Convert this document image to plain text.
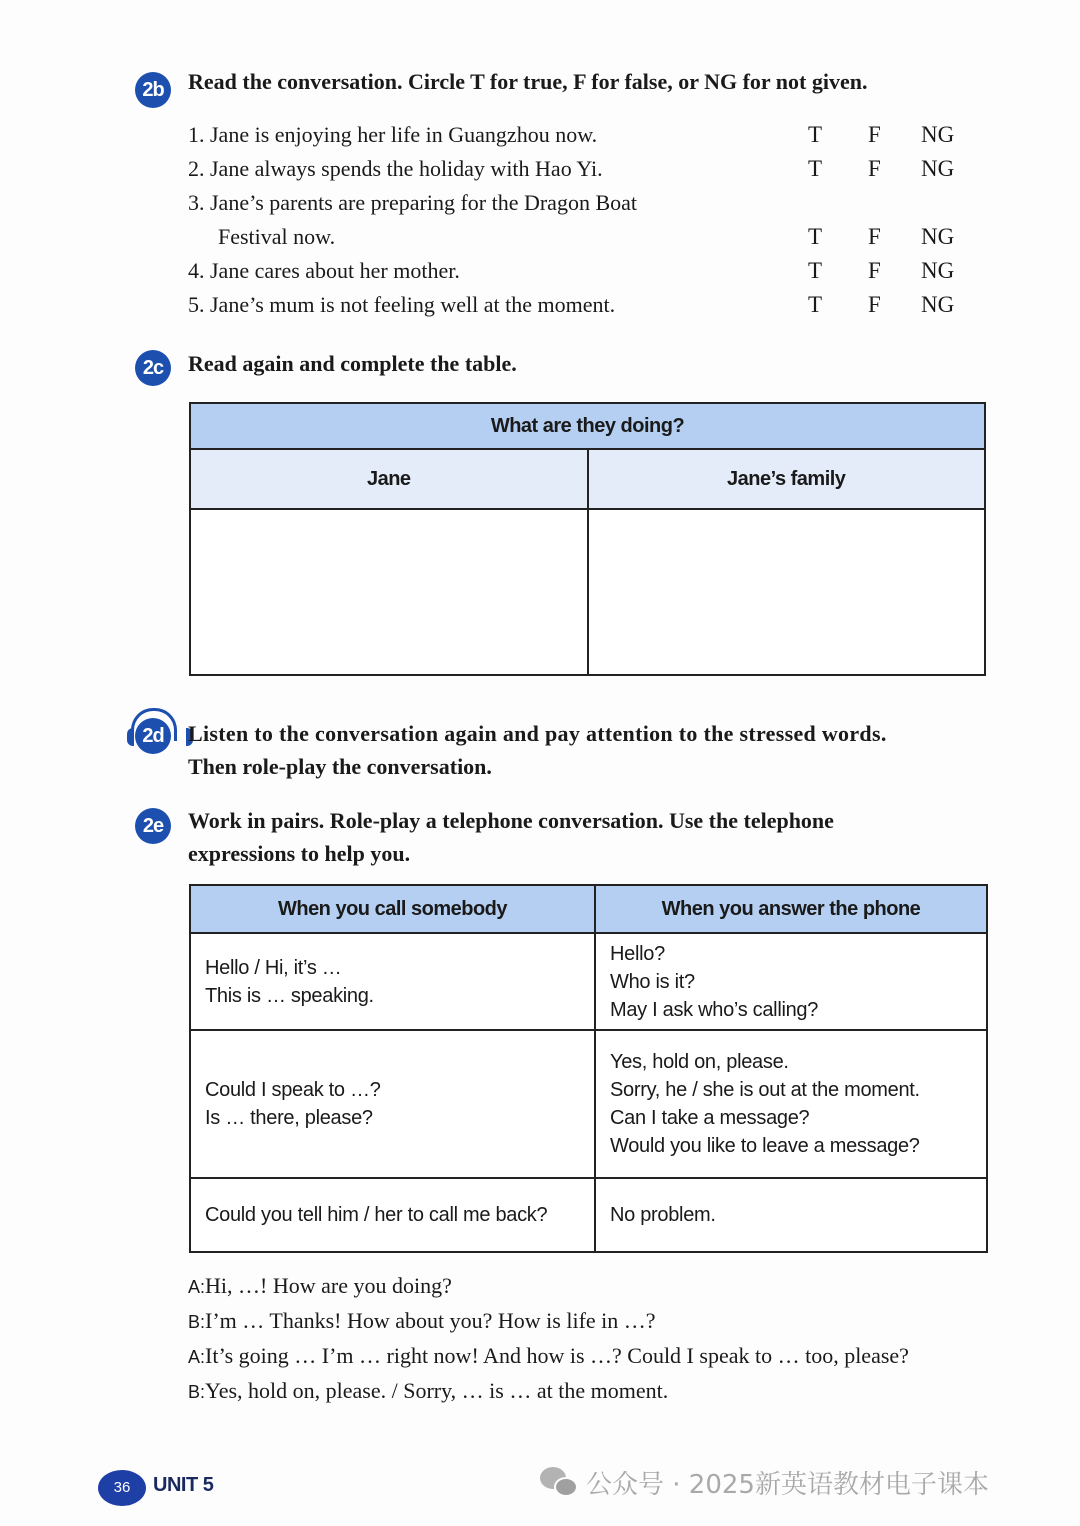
2b	Read the conversation. Circle T for true, F for false, or NG for not given.
1. Jane is enjoying her life in Guangzhou now.	T F NG
2. Jane always spends the holiday with Hao Yi.	T F NG
3. Jane’s parents are preparing for the Dragon Boat
Festival now.	T F NG
4. Jane cares about her mother.	T F NG
5. Jane’s mum is not feeling well at the moment.	T F NG
2c	Read again and complete the table.
What are they doing?	
Jane	Jane’s family

2d	Listen to the conversation again and pay attention to the stressed words.
Then role-play the conversation.
2e	Work in pairs. Role-play a telephone conversation. Use the telephone
expressions to help you.
When you call somebody	When you answer the phone

Hello / Hi, it’s …
This is … speaking.	Hello?
Who is it?
May I ask who’s calling?

Could I speak to …?
Is … there, please?	Yes, hold on, please.
Sorry, he / she is out at the moment.
Can I take a message?
Would you like to leave a message?

Could you tell him / her to call me back?	No problem.
A:Hi, …! How are you doing?
B:I’m … Thanks! How about you? How is life in …?
A:It’s going … I’m … right now! And how is …? Could I speak to … too, please?
B:Yes, hold on, please. / Sorry, … is … at the moment.
36	UNIT 5	公众号 · 2025新英语教材电子课本
